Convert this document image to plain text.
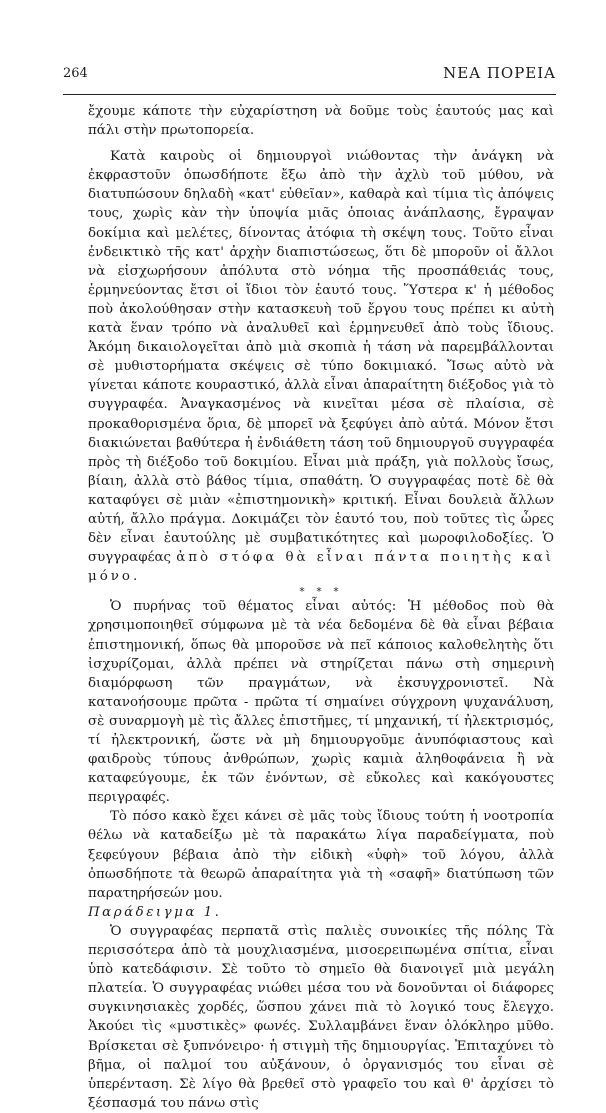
264	ΝΕΑ ΠΟΡΕΙΑ

ἔχουμε κάποτε τὴν εὐχαρίστηση νὰ δοῦμε τοὺς ἑαυτούς μας καὶ πάλι στὴν πρωτοπορεία.

Κατὰ καιροὺς οἱ δημιουργοὶ νιώθοντας τὴν ἀνάγκη νὰ ἐκφραστοῦν ὁπωσδήποτε ἔξω ἀπὸ τὴν ἀχλὺ τοῦ μύθου, νὰ διατυπώσουν δηλαδὴ «κατ' εὐθεῖαν», καθαρὰ καὶ τίμια τὶς ἀπόψεις τους, χωρὶς κὰν τὴν ὑποψία μιᾶς ὁποιας ἀνάπλασης, ἔγραψαν δοκίμια καὶ μελέτες, δίνοντας ἀτόφια τὴ σκέψη τους. Τοῦτο εἶναι ἐνδεικτικὸ τῆς κατ' ἀρχὴν διαπιστώσεως, ὅτι δὲ μποροῦν οἱ ἄλλοι νὰ εἰσχωρήσουν ἀπόλυτα στὸ νόημα τῆς προσπάθειάς τους, ἑρμηνεύοντας ἔτσι οἱ ἴδιοι τὸν ἑαυτό τους. Ὕστερα κ' ἡ μέθοδος ποὺ ἀκολούθησαν στὴν κατασκευὴ τοῦ ἔργου τους πρέπει κι αὐτὴ κατὰ ἕναν τρόπο νὰ ἀναλυθεῖ καὶ ἑρμηνευθεῖ ἀπὸ τοὺς ἴδιους. Ἀκόμη δικαιολογεῖται ἀπὸ μιὰ σκοπιὰ ἡ τάση νὰ παρεμβάλλονται σὲ μυθιστορήματα σκέψεις σὲ τύπο δοκιμιακό. Ἴσως αὐτὸ νὰ γίνεται κάποτε κουραστικό, ἀλλὰ εἶναι ἀπαραίτητη διέξοδος γιὰ τὸ συγγραφέα. Ἀναγκασμένος νὰ κινεῖται μέσα σὲ πλαίσια, σὲ προκαθορισμένα ὅρια, δὲ μπορεῖ νὰ ξεφύγει ἀπὸ αὐτά. Μόνον ἔτσι διακιώνεται βαθύτερα ἡ ἐνδιάθετη τάση τοῦ δημιουργοῦ συγγραφέα πρὸς τὴ διέξοδο τοῦ δοκιμίου. Εἶναι μιὰ πράξη, γιὰ πολλοὺς ἴσως, βίαιη, ἀλλὰ στὸ βάθος τίμια, σπαθάτη. Ὁ συγγραφέας ποτὲ δὲ θὰ καταφύγει σὲ μιὰν «ἐπιστημονικὴ» κριτική. Εἶναι δουλειὰ ἄλλων αὐτή, ἄλλο πράγμα. Δοκιμάζει τὸν ἑαυτό του, ποὺ τοῦτες τὶς ὧρες δὲν εἶναι ἑαυτούλης μὲ συμβατικότητες καὶ μωροφιλοδοξίες. Ὁ συγγραφέας ἀπὸ στόφα θὰ εἶναι πάντα ποιητὴς καὶ μόνο.

* * *

Ὁ πυρήνας τοῦ θέματος εἶναι αὐτός: Ἡ μέθοδος ποὺ θὰ χρησιμοποιηθεῖ σύμφωνα μὲ τὰ νέα δεδομένα δὲ θὰ εἶναι βέβαια ἐπιστημονική, ὅπως θὰ μποροῦσε νὰ πεῖ κάποιος καλοθελητὴς ὅτι ἰσχυρίζομαι, ἀλλὰ πρέπει νὰ στηρίζεται πάνω στὴ σημερινὴ διαμόρφωση τῶν πραγμάτων, νὰ ἐκσυγχρονιστεῖ. Νὰ κατανοήσουμε πρῶτα - πρῶτα τί σημαίνει σύγχρονη ψυχανάλυση, σὲ συναρμογὴ μὲ τὶς ἄλλες ἐπιστῆμες, τί μηχανική, τί ἠλεκτρισμός, τί ἠλεκτρονική, ὥστε νὰ μὴ δημιουργοῦμε ἀνυπόφιαστους καὶ φαιδροὺς τύπους ἀνθρώπων, χωρὶς καμιὰ ἀληθοφάνεια ἢ νὰ καταφεύγουμε, ἐκ τῶν ἐνόντων, σὲ εὔκολες καὶ κακόγουστες περιγραφές.

Τὸ πόσο κακὸ ἔχει κάνει σὲ μᾶς τοὺς ἴδιους τούτη ἡ νοοτροπία θέλω νὰ καταδείξω μὲ τὰ παρακάτω λίγα παραδείγματα, ποὺ ξεφεύγουν βέβαια ἀπὸ τὴν εἰδικὴ «ὑφὴ» τοῦ λόγου, ἀλλὰ ὁπωσδήποτε τὰ θεωρῶ ἀπαραίτητα γιὰ τὴ «σαφῆ» διατύπωση τῶν παρατηρήσεών μου.

Παράδειγμα 1.

Ὁ συγγραφέας περπατᾶ στὶς παλιὲς συνοικίες τῆς πόλης Τὰ περισσότερα ἀπὸ τὰ μουχλιασμένα, μισοερειπωμένα σπίτια, εἶναι ὑπὸ κατεδάφισιν. Σὲ τοῦτο τὸ σημεῖο θὰ διανοιγεῖ μιὰ μεγάλη πλατεία. Ὁ συγγραφέας νιώθει μέσα του νὰ δονοῦνται οἱ διάφορες συγκινησιακὲς χορδές, ὥσπου χάνει πιὰ τὸ λογικό τους ἔλεγχο. Ἀκούει τὶς «μυστικὲς» φωνές. Συλλαμβάνει ἕναν ὁλόκληρο μῦθο. Βρίσκεται σὲ ξυπνόνειρο· ἡ στιγμὴ τῆς δημιουργίας. Ἐπιταχύνει τὸ βῆμα, οἱ παλμοί του αὐξάνουν, ὁ ὀργανισμός του εἶναι σὲ ὑπερένταση. Σὲ λίγο θὰ βρεθεῖ στὸ γραφεῖο του καὶ θ' ἀρχίσει τὸ ξέσπασμά του πάνω στὶς
